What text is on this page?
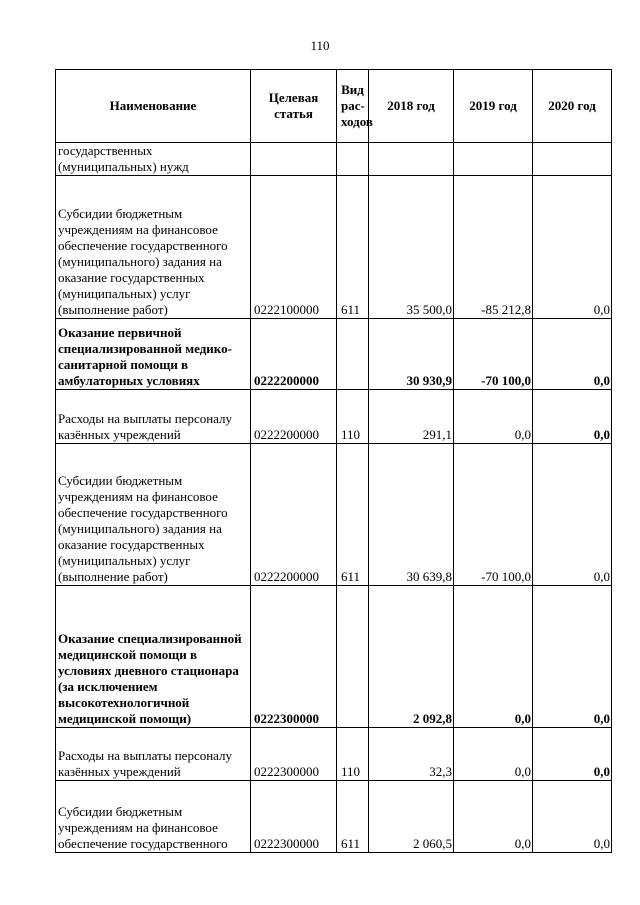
110
Наименование	Целевая статья	Вид рас-ходов	2018 год	2019 год	2020 год
государственных (муниципальных) нужд					
Субсидии бюджетным учреждениям на финансовое обеспечение государственного (муниципального) задания на оказание государственных (муниципальных) услуг (выполнение работ)	0222100000	611	35 500,0	-85 212,8	0,0
Оказание первичной специализированной медико-санитарной помощи в амбулаторных условиях	0222200000		30 930,9	-70 100,0	0,0
Расходы на выплаты персоналу казённых учреждений	0222200000	110	291,1	0,0	0,0
Субсидии бюджетным учреждениям на финансовое обеспечение государственного (муниципального) задания на оказание государственных (муниципальных) услуг (выполнение работ)	0222200000	611	30 639,8	-70 100,0	0,0
Оказание специализированной медицинской помощи в условиях дневного стационара (за исключением высокотехнологичной медицинской помощи)	0222300000		2 092,8	0,0	0,0
Расходы на выплаты персоналу казённых учреждений	0222300000	110	32,3	0,0	0,0
Субсидии бюджетным учреждениям на финансовое обеспечение государственного	0222300000	611	2 060,5	0,0	0,0
